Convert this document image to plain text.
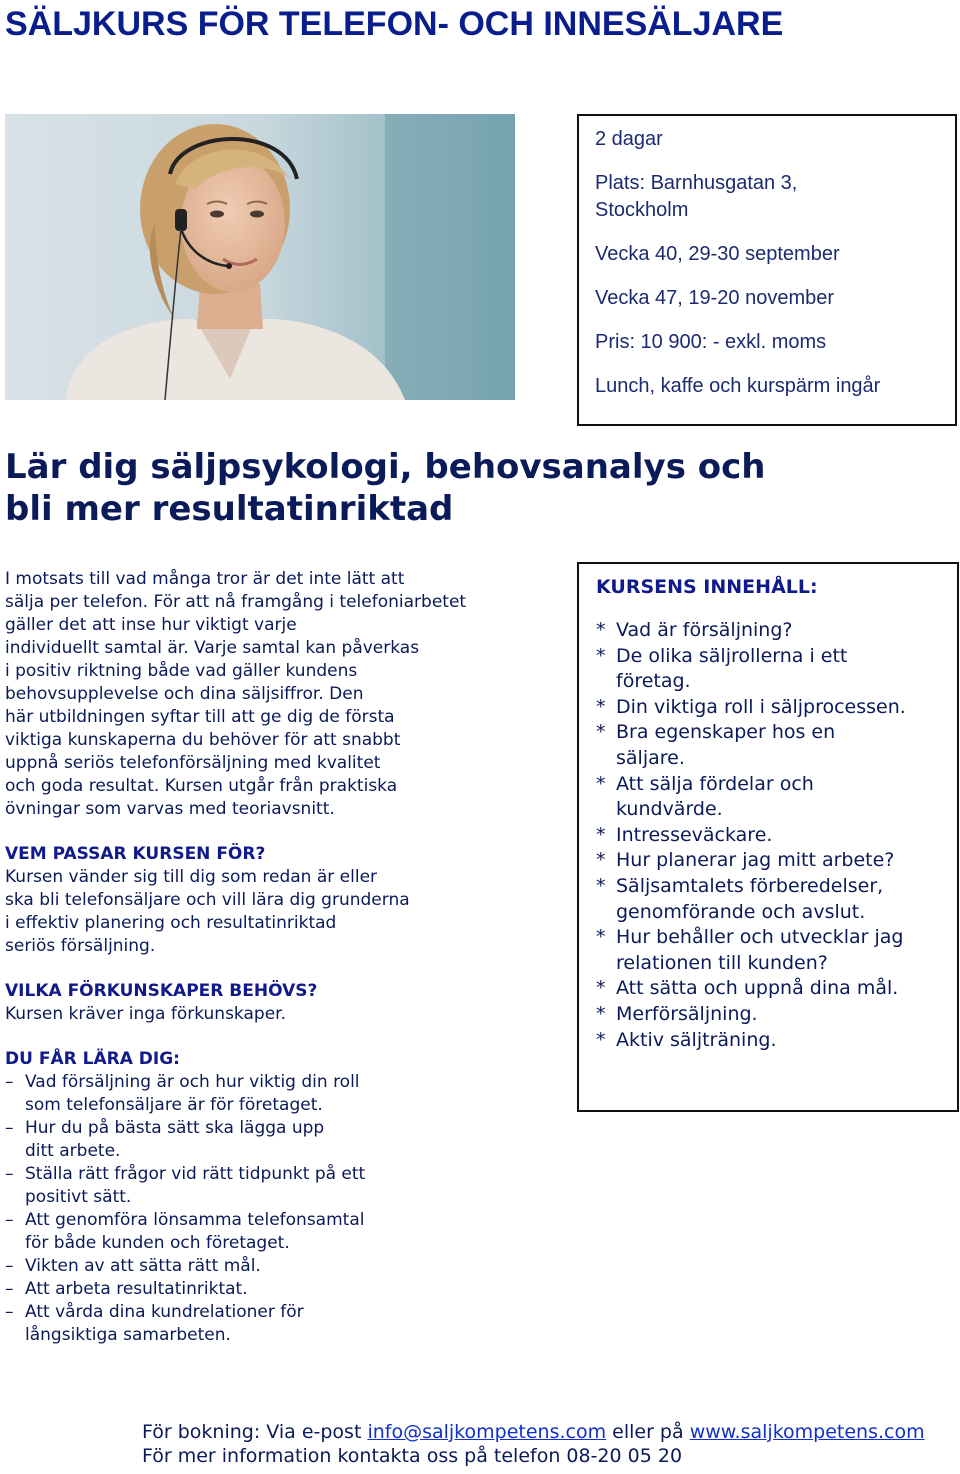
SÄLJKURS FÖR TELEFON- OCH INNESÄLJARE

2 dagar

Plats: Barnhusgatan 3, Stockholm

Vecka 40, 29-30 september

Vecka 47, 19-20 november

Pris: 10 900: - exkl. moms

Lunch, kaffe och kurspärm ingår

Lär dig säljpsykologi, behovsanalys och
bli mer resultatinriktad
I motsats till vad många tror är det inte lätt att
sälja per telefon. För att nå framgång i telefoniarbetet
gäller det att inse hur viktigt varje
individuellt samtal är. Varje samtal kan påverkas
i positiv riktning både vad gäller kundens
behovsupplevelse och dina säljsiffror. Den
här utbildningen syftar till att ge dig de första
viktiga kunskaperna du behöver för att snabbt
uppnå seriös telefonförsäljning med kvalitet
och goda resultat. Kursen utgår från praktiska
övningar som varvas med teoriavsnitt.

VEM PASSAR KURSEN FÖR?

Kursen vänder sig till dig som redan är eller
ska bli telefonsäljare och vill lära dig grunderna
i effektiv planering och resultatinriktad
seriös försäljning.

VILKA FÖRKUNSKAPER BEHÖVS?

Kursen kräver inga förkunskaper.

DU FÅR LÄRA DIG:

– Vad försäljning är och hur viktig din roll
som telefonsäljare är för företaget.
– Hur du på bästa sätt ska lägga upp
ditt arbete.
– Ställa rätt frågor vid rätt tidpunkt på ett
positivt sätt.
– Att genomföra lönsamma telefonsamtal
för både kunden och företaget.
– Vikten av att sätta rätt mål.
– Att arbeta resultatinriktat.
– Att vårda dina kundrelationer för
långsiktiga samarbeten.
KURSENS INNEHÅLL:
* Vad är försäljning?
* De olika säljrollerna i ett
företag.
* Din viktiga roll i säljprocessen.
* Bra egenskaper hos en
säljare.
* Att sälja fördelar och
kundvärde.
* Intresseväckare.
* Hur planerar jag mitt arbete?
* Säljsamtalets förberedelser,
genomförande och avslut.
* Hur behåller och utvecklar jag
relationen till kunden?
* Att sätta och uppnå dina mål.
* Merförsäljning.
* Aktiv säljträning.
För bokning: Via e-post info@saljkompetens.com eller på www.saljkompetens.com
För mer information kontakta oss på telefon 08-20 05 20
